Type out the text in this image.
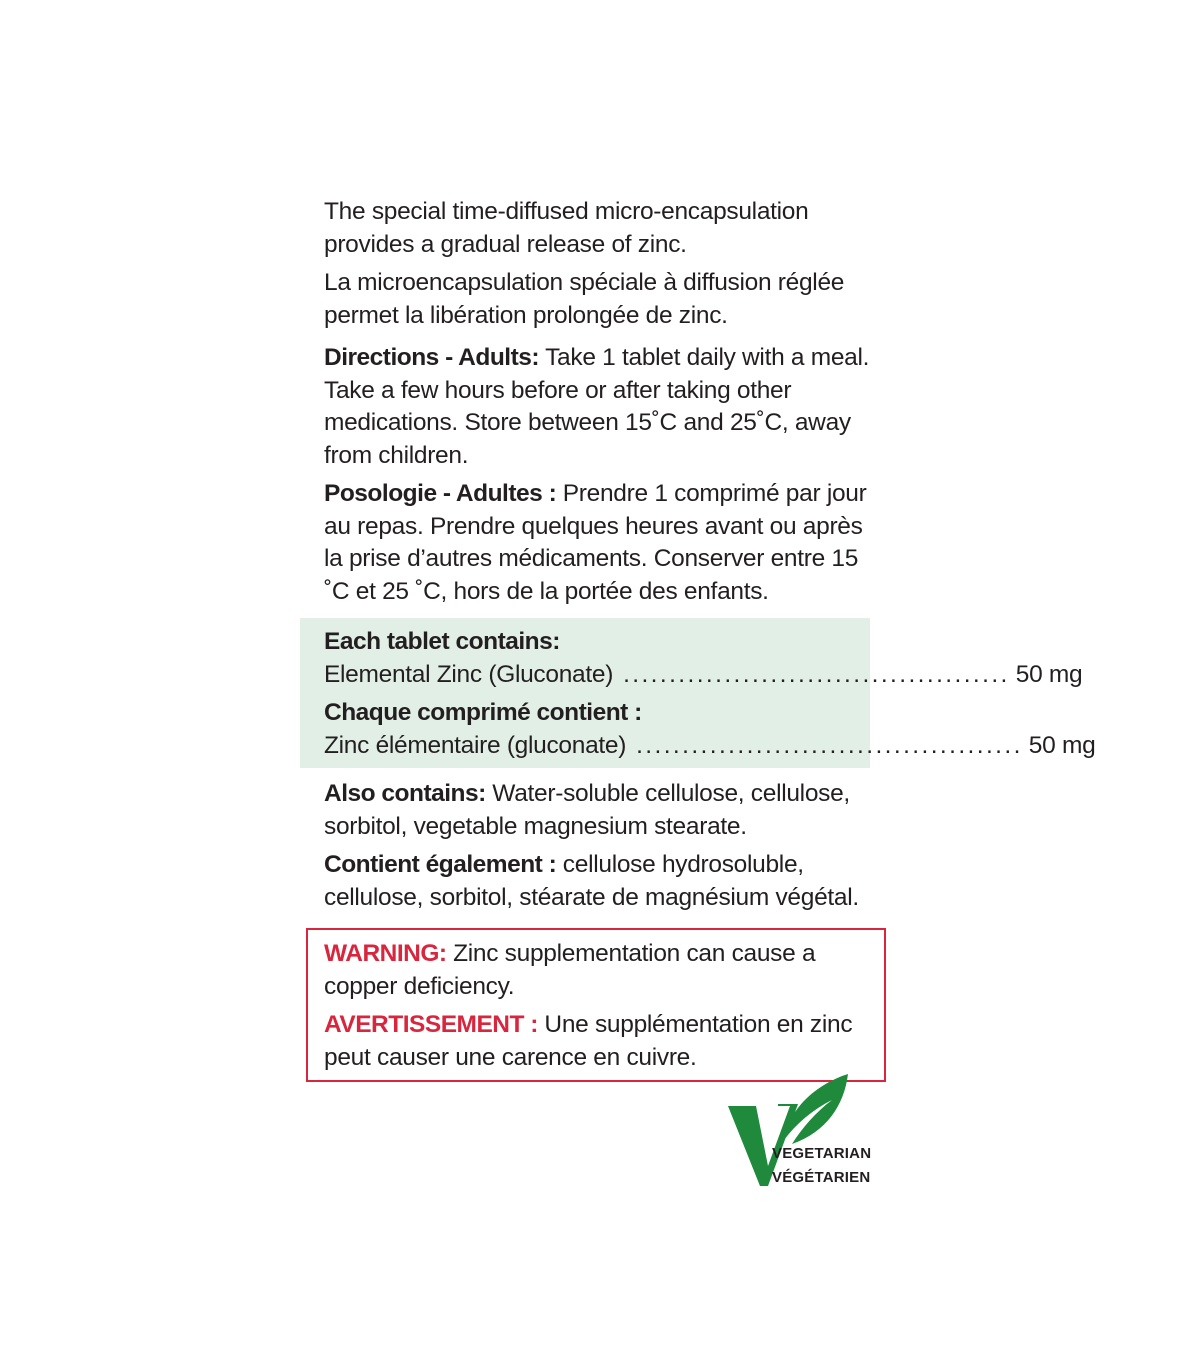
The special time-diffused micro-encapsulation provides a gradual release of zinc.

La microencapsulation spéciale à diffusion réglée permet la libération prolongée de zinc.

Directions - Adults: Take 1 tablet daily with a meal. Take a few hours before or after taking other medications. Store between 15˚C and 25˚C, away from children.

Posologie - Adultes : Prendre 1 comprimé par jour au repas. Prendre quelques heures avant ou après la prise d’autres médicaments. Conserver entre 15 ˚C et 25 ˚C, hors de la portée des enfants.

Each tablet contains:
Elemental Zinc (Gluconate) .......................................... 50 mg
Chaque comprimé contient :
Zinc élémentaire (gluconate) .......................................... 50 mg

Also contains: Water-soluble cellulose, cellulose, sorbitol, vegetable magnesium stearate.

Contient également : cellulose hydrosoluble, cellulose, sorbitol, stéarate de magnésium végétal.

WARNING: Zinc supplementation can cause a copper deficiency.

AVERTISSEMENT : Une supplémentation en zinc peut causer une carence en cuivre.

VEGETARIAN
VÉGÉTARIEN
